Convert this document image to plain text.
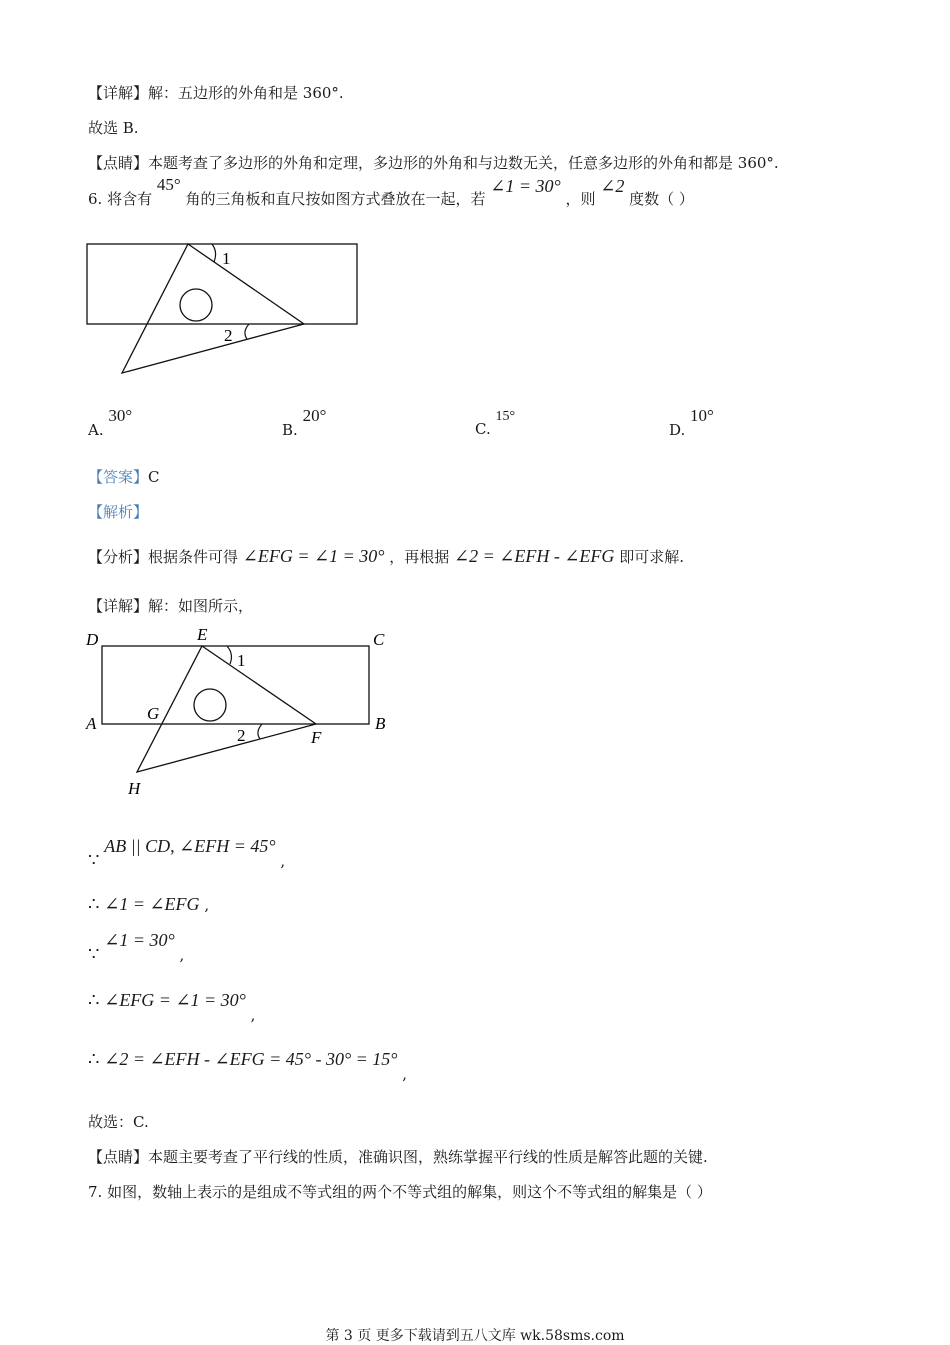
【详解】解：五边形的外角和是 360°.
故选 B.
【点睛】本题考查了多边形的外角和定理，多边形的外角和与边数无关，任意多边形的外角和都是 360°.
6. 将含有 45° 角的三角板和直尺按如图方式叠放在一起，若 ∠1 = 30° ，则 ∠2 度数（ ）
1
2
A. 30°
B. 20°
C. 15°
D. 10°
【答案】C
【解析】
【分析】根据条件可得 ∠EFG = ∠1 = 30° ，再根据 ∠2 = ∠EFH - ∠EFG 即可求解.
【详解】解：如图所示，
D	E	C
A
G
B
F
H
1
2
∵ AB || CD, ∠EFH = 45° ,
∴ ∠1 = ∠EFG ,
∵ ∠1 = 30° ,
∴ ∠EFG = ∠1 = 30° ,
∴ ∠2 = ∠EFH - ∠EFG = 45° - 30° = 15° ,
故选：C.
【点睛】本题主要考查了平行线的性质，准确识图，熟练掌握平行线的性质是解答此题的关键.
7. 如图，数轴上表示的是组成不等式组的两个不等式组的解集，则这个不等式组的解集是（ ）
第 3 页 更多下载请到五八文库 wk.58sms.com
